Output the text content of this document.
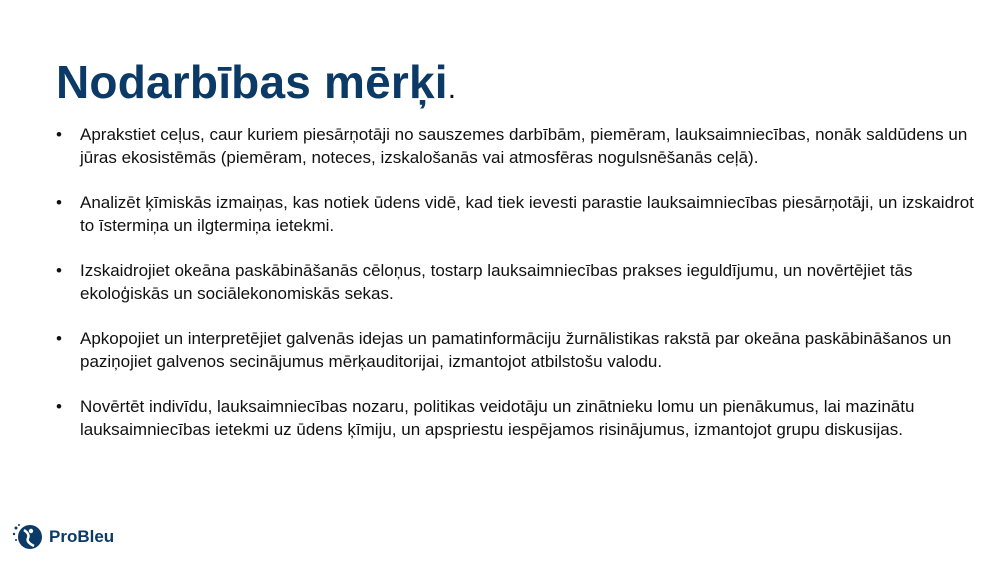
Nodarbības mērķi.
• Aprakstiet ceļus, caur kuriem piesārņotāji no sauszemes darbībām, piemēram, lauksaimniecības, nonāk saldūdens un jūras ekosistēmās (piemēram, noteces, izskalošanās vai atmosfēras nogulsnēšanās ceļā).
• Analizēt ķīmiskās izmaiņas, kas notiek ūdens vidē, kad tiek ievesti parastie lauksaimniecības piesārņotāji, un izskaidrot to īstermiņa un ilgtermiņa ietekmi.
• Izskaidrojiet okeāna paskābināšanās cēloņus, tostarp lauksaimniecības prakses ieguldījumu, un novērtējiet tās ekoloģiskās un sociālekonomiskās sekas.
• Apkopojiet un interpretējiet galvenās idejas un pamatinformāciju žurnālistikas rakstā par okeāna paskābināšanos un paziņojiet galvenos secinājumus mērķauditorijai, izmantojot atbilstošu valodu.
• Novērtēt indivīdu, lauksaimniecības nozaru, politikas veidotāju un zinātnieku lomu un pienākumus, lai mazinātu lauksaimniecības ietekmi uz ūdens ķīmiju, un apspriestu iespējamos risinājumus, izmantojot grupu diskusijas.
ProBleu
